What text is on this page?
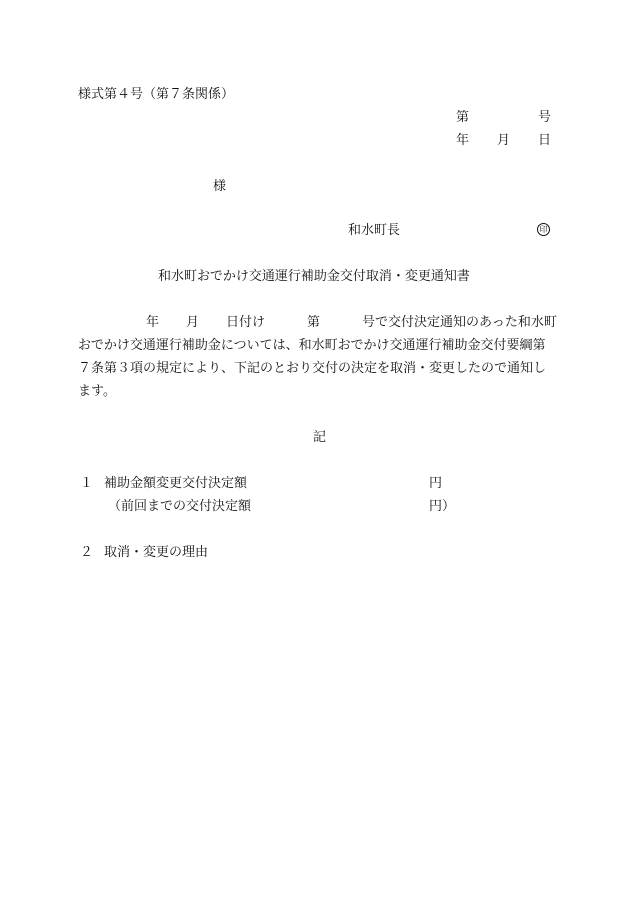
様式第４号（第７条関係）
第	号
年 月 日
様
和水町長	印
和水町おでかけ交通運行補助金交付取消・変更通知書
年 月 日付け	第	号で交付決定通知のあった和水町
おでかけ交通運行補助金については、和水町おでかけ交通運行補助金交付要綱第
７条第３項の規定により、下記のとおり交付の決定を取消・変更したので通知し
ます。
記
１ 補助金額変更交付決定額	円
（前回までの交付決定額	円）
２ 取消・変更の理由
